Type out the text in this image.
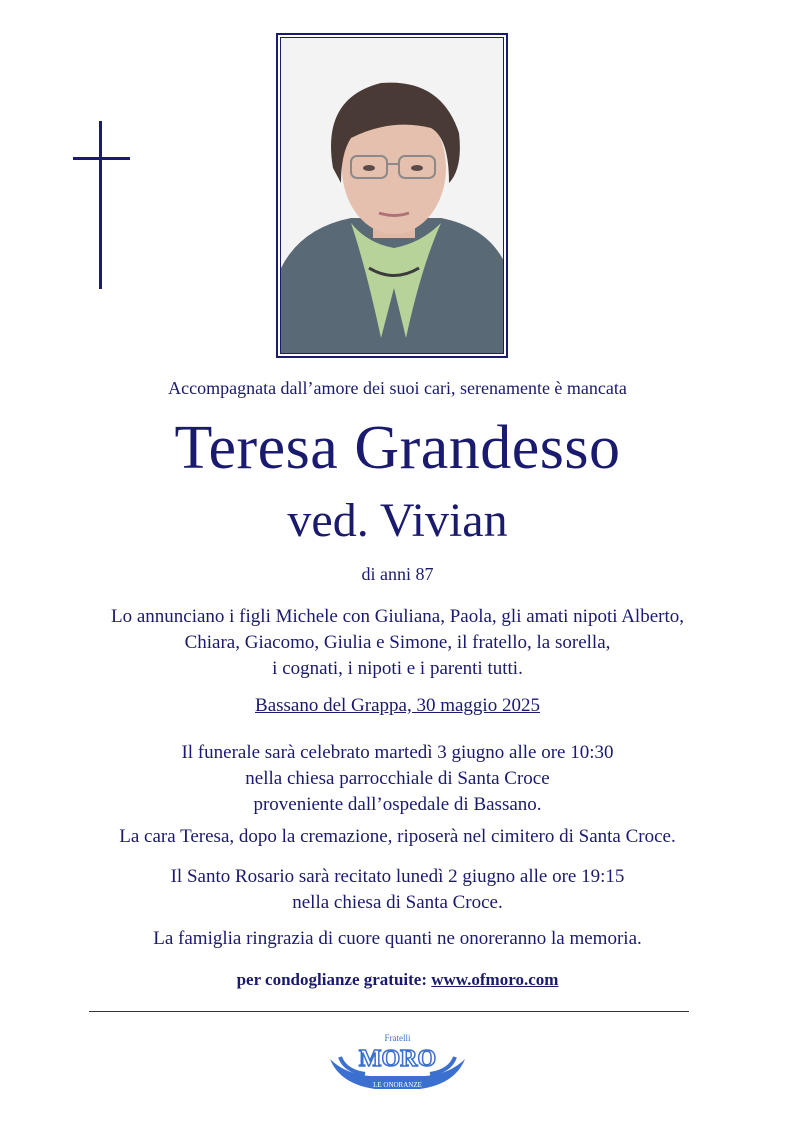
Accompagnata dall’amore dei suoi cari, serenamente è mancata

Teresa Grandesso

ved. Vivian

di anni 87

Lo annunciano i figli Michele con Giuliana, Paola, gli amati nipoti Alberto,
Chiara, Giacomo, Giulia e Simone, il fratello, la sorella,
i cognati, i nipoti e i parenti tutti.
Bassano del Grappa, 30 maggio 2025
Il funerale sarà celebrato martedì 3 giugno alle ore 10:30
nella chiesa parrocchiale di Santa Croce
proveniente dall’ospedale di Bassano.
La cara Teresa, dopo la cremazione, riposerà nel cimitero di Santa Croce.
Il Santo Rosario sarà recitato lunedì 2 giugno alle ore 19:15
nella chiesa di Santa Croce.
La famiglia ringrazia di cuore quanti ne onoreranno la memoria.
per condoglianze gratuite: www.ofmoro.com
Fratelli
MORO
LE ONORANZE
